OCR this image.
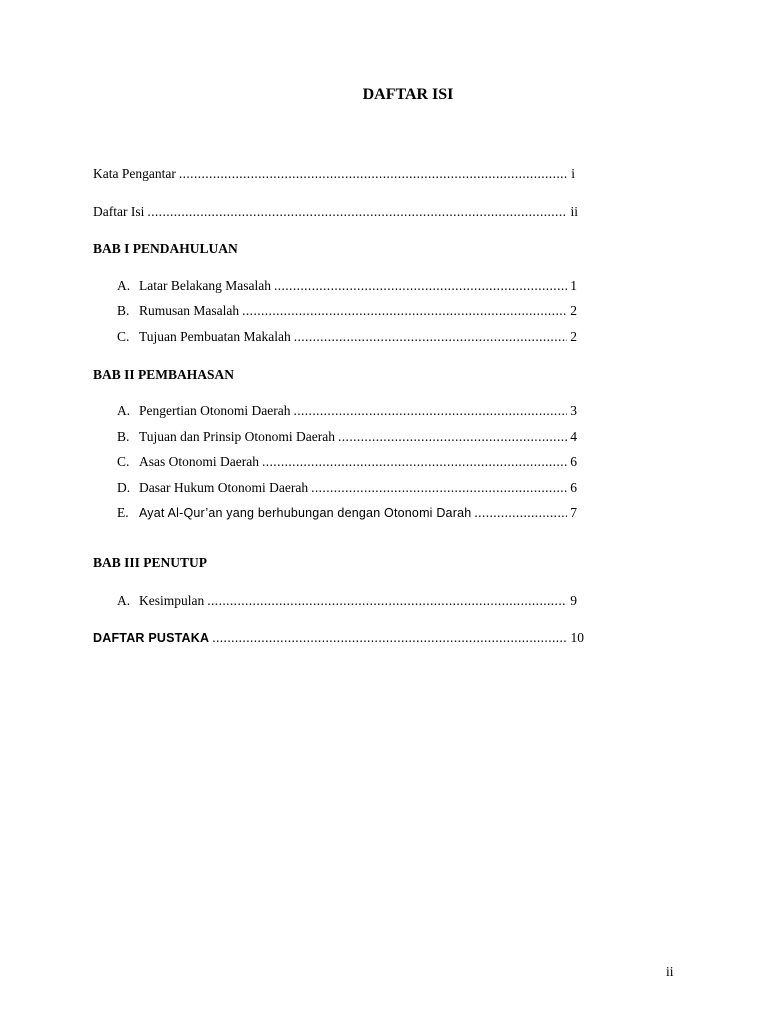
DAFTAR ISI
Kata Pengantar .....	i
Daftar Isi .....	ii
BAB I PENDAHULUAN
A. Latar Belakang Masalah .....	1
B. Rumusan Masalah .....	2
C. Tujuan Pembuatan Makalah .....	2
BAB II PEMBAHASAN
A. Pengertian Otonomi Daerah .....	3
B. Tujuan dan Prinsip Otonomi Daerah .....	4
C. Asas Otonomi Daerah .....	6
D. Dasar Hukum Otonomi Daerah .....	6
E. Ayat Al-Qur’an yang berhubungan dengan Otonomi Darah .....	7
BAB III PENUTUP
A. Kesimpulan .....	9
DAFTAR PUSTAKA .....	10
ii
